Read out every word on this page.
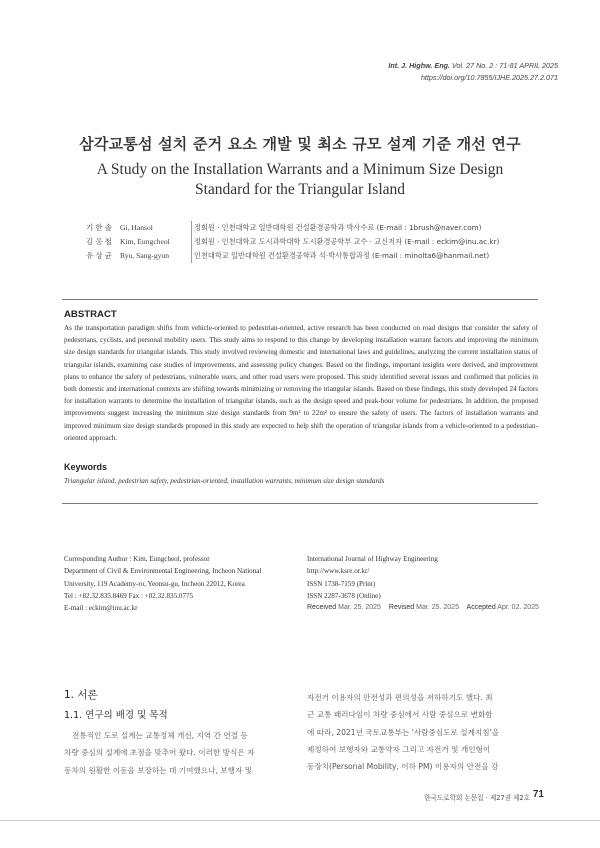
Int. J. Highw. Eng. Vol. 27 No. 2 : 71-81 APRIL 2025
https://doi.org/10.7855/IJHE.2025.27.2.071
삼각교통섬 설치 준거 요소 개발 및 최소 규모 설계 기준 개선 연구
A Study on the Installation Warrants and a Minimum Size Design Standard for the Triangular Island
기한솔 Gi, Hansol	정회원 · 인천대학교 일반대학원 건설환경공학과 박사수료 (E-mail : 1brush@naver.com)
김응철 Kim, Eungcheol	정회원 · 인천대학교 도시과학대학 도시환경공학부 교수 · 교신저자 (E-mail : eckim@inu.ac.kr)
유상균 Ryu, Sang-gyun	인천대학교 일반대학원 건설환경공학과 석·박사통합과정 (E-mail : minolta6@hanmail.net)
ABSTRACT
As the transportation paradigm shifts from vehicle-oriented to pedestrian-oriented, active research has been conducted on road designs that consider the safety of pedestrians, cyclists, and personal mobility users. This study aims to respond to this change by developing installation warrant factors and improving the minimum size design standards for triangular islands. This study involved reviewing domestic and international laws and guidelines, analyzing the current installation status of triangular islands, examining case studies of improvements, and assessing policy changes. Based on the findings, important insights were derived, and improvement plans to enhance the safety of pedestrians, vulnerable users, and other road users were proposed. This study identified several issues and confirmed that policies in both domestic and international contexts are shifting towards minimizing or removing the triangular islands. Based on these findings, this study developed 24 factors for installation warrants to determine the installation of triangular islands, such as the design speed and peak-hour volume for pedestrians. In addition, the proposed improvements suggest increasing the minimum size design standards from 9m² to 22m² to ensure the safety of users. The factors of installation warrants and improved minimum size design standards proposed in this study are expected to help shift the operation of triangular islands from a vehicle-oriented to a pedestrian-oriented approach.
Keywords
Triangular island, pedestrian safety, pedestrian-oriented, installation warrants, minimum size design standards
Corresponding Author : Kim, Eungcheol, professor
Department of Civil & Environmental Engineering, Incheon National
University, 119 Academy-ro, Yeonsu-gu, Incheon 22012, Korea
Tel : +82.32.835.8469 Fax : +82.32.835.0775
E-mail : eckim@inu.ac.kr
International Journal of Highway Engineering
http://www.ksre.or.kr/
ISSN 1738-7159 (Print)
ISSN 2287-3678 (Online)
Received Mar. 25. 2025 Revised Mar. 25. 2025 Accepted Apr. 02. 2025
1. 서론
1.1. 연구의 배경 및 목적
전통적인 도로 설계는 교통정체 개선, 지역 간 연결 등
차량 중심의 설계에 초점을 맞추어 왔다. 이러한 방식은 자
동차의 원활한 이동을 보장하는 데 기여했으나, 보행자 및
자전거 이용자의 안전성과 편의성을 저하하기도 했다. 최
근 교통 패러다임이 차량 중심에서 사람 중심으로 변화함
에 따라, 2021년 국토교통부는 '사람중심도로 설계지침'을
제정하여 보행자와 교통약자 그리고 자전거 및 개인형이
동장치(Personal Mobility, 이하 PM) 이용자의 안전을 강
한국도로학회 논문집 · 제27권 제2호 71
